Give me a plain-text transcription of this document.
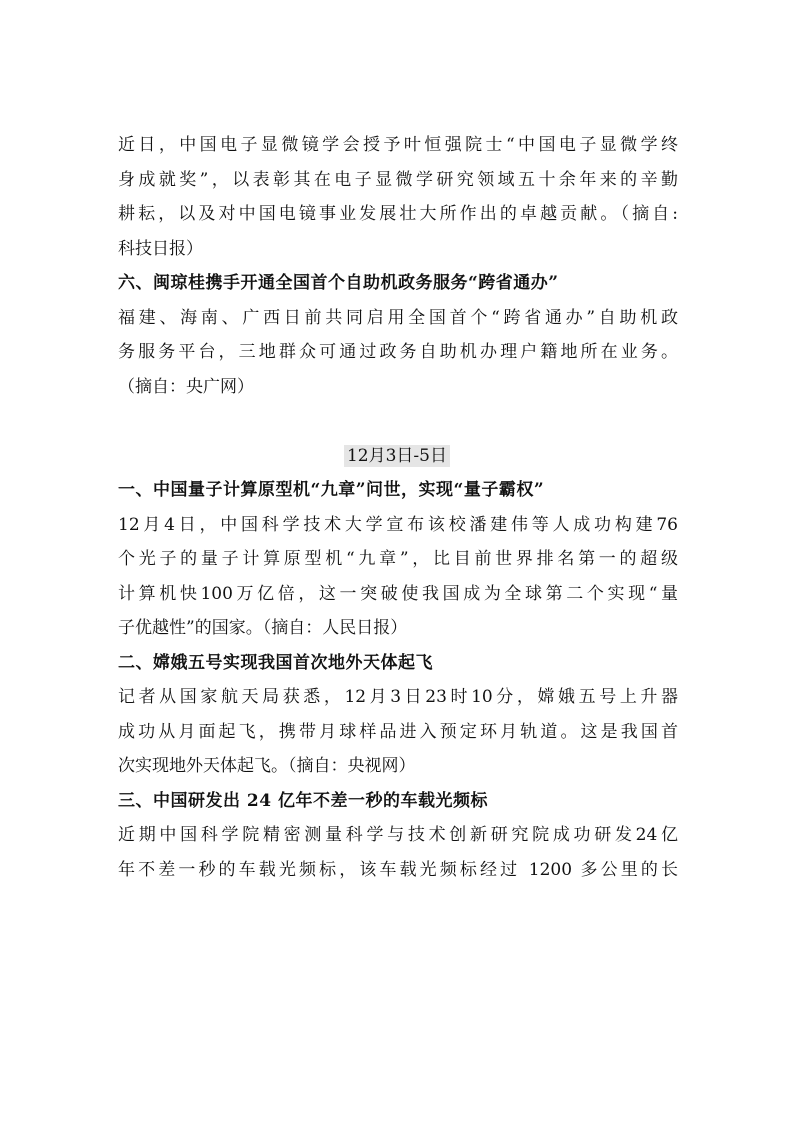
近日，中国电子显微镜学会授予叶恒强院士“中国电子显微学终
身成就奖”，以表彰其在电子显微学研究领域五十余年来的辛勤
耕耘，以及对中国电镜事业发展壮大所作出的卓越贡献。（摘自:
科技日报）
六、闽琼桂携手开通全国首个自助机政务服务“跨省通办”
福建、海南、广西日前共同启用全国首个“跨省通办”自助机政
务服务平台，三地群众可通过政务自助机办理户籍地所在业务。
（摘自：央广网）
12月3日-5日
一、中国量子计算原型机“九章”问世，实现“量子霸权”
12月4日，中国科学技术大学宣布该校潘建伟等人成功构建76
个光子的量子计算原型机“九章”，比目前世界排名第一的超级
计算机快100万亿倍，这一突破使我国成为全球第二个实现“量
子优越性”的国家。（摘自：人民日报）
二、嫦娥五号实现我国首次地外天体起飞
记者从国家航天局获悉，12月3日23时10分，嫦娥五号上升器
成功从月面起飞，携带月球样品进入预定环月轨道。这是我国首
次实现地外天体起飞。（摘自：央视网）
三、中国研发出 24 亿年不差一秒的车载光频标
近期中国科学院精密测量科学与技术创新研究院成功研发24亿
年不差一秒的车载光频标，该车载光频标经过 1200 多公里的长
